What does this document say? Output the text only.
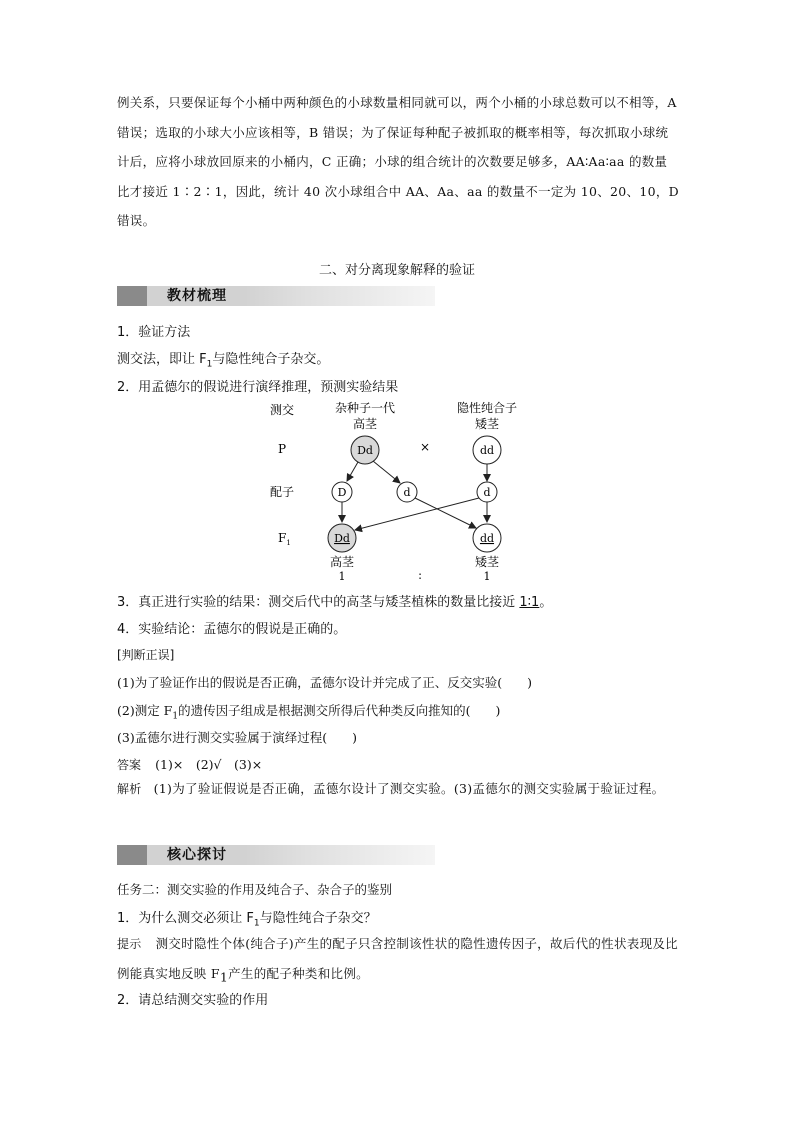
例关系，只要保证每个小桶中两种颜色的小球数量相同就可以，两个小桶的小球总数可以不相等，A 错误；选取的小球大小应该相等，B 错误；为了保证每种配子被抓取的概率相等，每次抓取小球统计后，应将小球放回原来的小桶内，C 正确；小球的组合统计的次数要足够多，AA∶Aa∶aa 的数量比才接近 1∶2∶1，因此，统计 40 次小球组合中 AA、Aa、aa 的数量不一定为 10、20、10，D 错误。
二、对分离现象解释的验证
教材梳理
1．验证方法
测交法，即让 $F_1$与隐性纯合子杂交。
2．用孟德尔的假说进行演绎推理，预测实验结果
测交
P
配子
$F_1$
杂种子一代
高茎
隐性纯合子
矮茎
Dd	×	dd
D	d	d
Dd	dd
高茎	矮茎
1	∶	1
3．真正进行实验的结果：测交后代中的高茎与矮茎植株的数量比接近 1∶1。
4．实验结论：孟德尔的假说是正确的。
[判断正误]
(1)为了验证作出的假说是否正确，孟德尔设计并完成了正、反交实验(　　)
(2)测定 $F_1$的遗传因子组成是根据测交所得后代种类反向推知的(　　)
(3)孟德尔进行测交实验属于演绎过程(　　)
答案 (1)×　(2)√　(3)×
解析 (1)为了验证假说是否正确，孟德尔设计了测交实验。(3)孟德尔的测交实验属于验证过程。
核心探讨
任务二：测交实验的作用及纯合子、杂合子的鉴别
1．为什么测交必须让 $F_1$与隐性纯合子杂交？
提示 测交时隐性个体(纯合子)产生的配子只含控制该性状的隐性遗传因子，故后代的性状表现及比例能真实地反映 $F_1$产生的配子种类和比例。
2．请总结测交实验的作用
